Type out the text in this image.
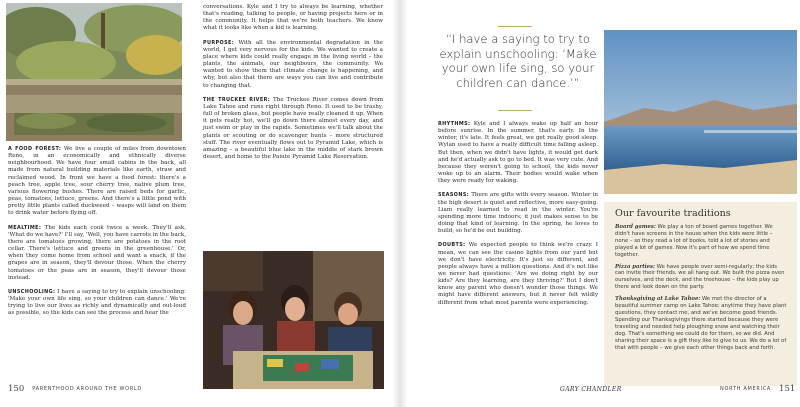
A FOOD FOREST: We live a couple of miles from downtown Reno, in an economically and ethnically diverse neighbourhood. We have four small cabins in the back, all made from natural building materials like earth, straw and reclaimed wood. In front we have a food forest: there's a peach tree, apple tree, sour cherry tree, native plum tree, various flowering bushes. There are raised beds for garlic, peas, tomatoes, lettuce, greens. And there's a little pond with pretty little plants called duckweed – wasps will land on them to drink water before flying off.

MEALTIME: The kids each cook twice a week. They'll ask, 'What do we have?' I'll say, 'Well, you have carrots in the back, there are tomatoes growing, there are potatoes in the root cellar. There's lettuce and greens in the greenhouse.' Or, when they come home from school and want a snack, if the grapes are in season, they'll devour those. When the cherry tomatoes or the peas are in season, they'll devour those instead.

UNSCHOOLING: I have a saying to try to explain unschooling: 'Make your own life sing, so your children can dance.' We're trying to live our lives as richly and dynamically and out-loud as possible, so the kids can see the process and hear the

conversations. Kyle and I try to always be learning, whether that's reading, talking to people, or having projects here or in the community. It helps that we're both teachers. We know what it looks like when a kid is learning.

PURPOSE: With all the environmental degradation in the world, I get very nervous for the kids. We wanted to create a place where kids could really engage in the living world – the plants, the animals, our neighbours, the community. We wanted to show them that climate change is happening, and why, but also that there are ways you can live and contribute to changing that.

THE TRUCKEE RIVER: The Truckee River comes down from Lake Tahoe and runs right through Reno. It used to be trashy, full of broken glass, but people have really cleaned it up. When it gets really hot, we'll go down there almost every day, and just swim or play in the rapids. Sometimes we'll talk about the plants or scouting or do scavenger hunts – more structured stuff. The river eventually flows out to Pyramid Lake, which is amazing – a beautiful blue lake in the middle of stark brown desert, and home to the Paiute Pyramid Lake Reservation.

“I have a saying to try to explain unschooling: ‘Make your own life sing, so your children can dance.’”

RHYTHMS: Kyle and I always wake up half an hour before sunrise. In the summer, that's early. In the winter, it's late. It feels great, we get really good sleep. Wylan used to have a really difficult time falling asleep. But then, when we didn't have lights, it would get dark and he'd actually ask to go to bed. It was very cute. And because they weren't going to school, the kids never woke up to an alarm. Their bodies would wake when they were ready for waking.

SEASONS: There are gifts with every season. Winter in the high desert is quiet and reflective, more easy-going. Liam really learned to read in the winter. You're spending more time indoors; it just makes sense to be doing that kind of learning. In the spring, he loves to build, so he'd be out building.

DOUBTS: We expected people to think we're crazy. I mean, we can see the casino lights from our yard but we don't have electricity. It's just so different, and people always have a million questions. And it's not like we never had questions: 'Are we doing right by our kids? Are they learning, are they thriving?' But I don't know any parent who doesn't wonder those things. We might have different answers, but it never felt wildly different from what most parents were experiencing.

GARY CHANDLER
Our favourite traditions

Board games: We play a ton of board games together. We didn't have screens in the house when the kids were little – none – so they read a lot of books, told a lot of stories and played a lot of games. Now it's part of how we spend time together.

Pizza parties: We have people over semi-regularly; the kids can invite their friends, we all hang out. We built the pizza oven ourselves, and the deck, and the treehouse – the kids play up there and look down on the party.

Thanksgiving at Lake Tahoe: We met the director of a beautiful summer camp on Lake Tahoe; anytime they have plant questions, they contact me, and we've become good friends. Spending our Thanksgivings there started because they were traveling and needed help ploughing snow and watching their dog. That's something we could do for them, so we did. And sharing their space is a gift they like to give to us. We do a lot of that with people – we give each other things back and forth.

150 PARENTHOOD AROUND THE WORLD	NORTH AMERICA 151
